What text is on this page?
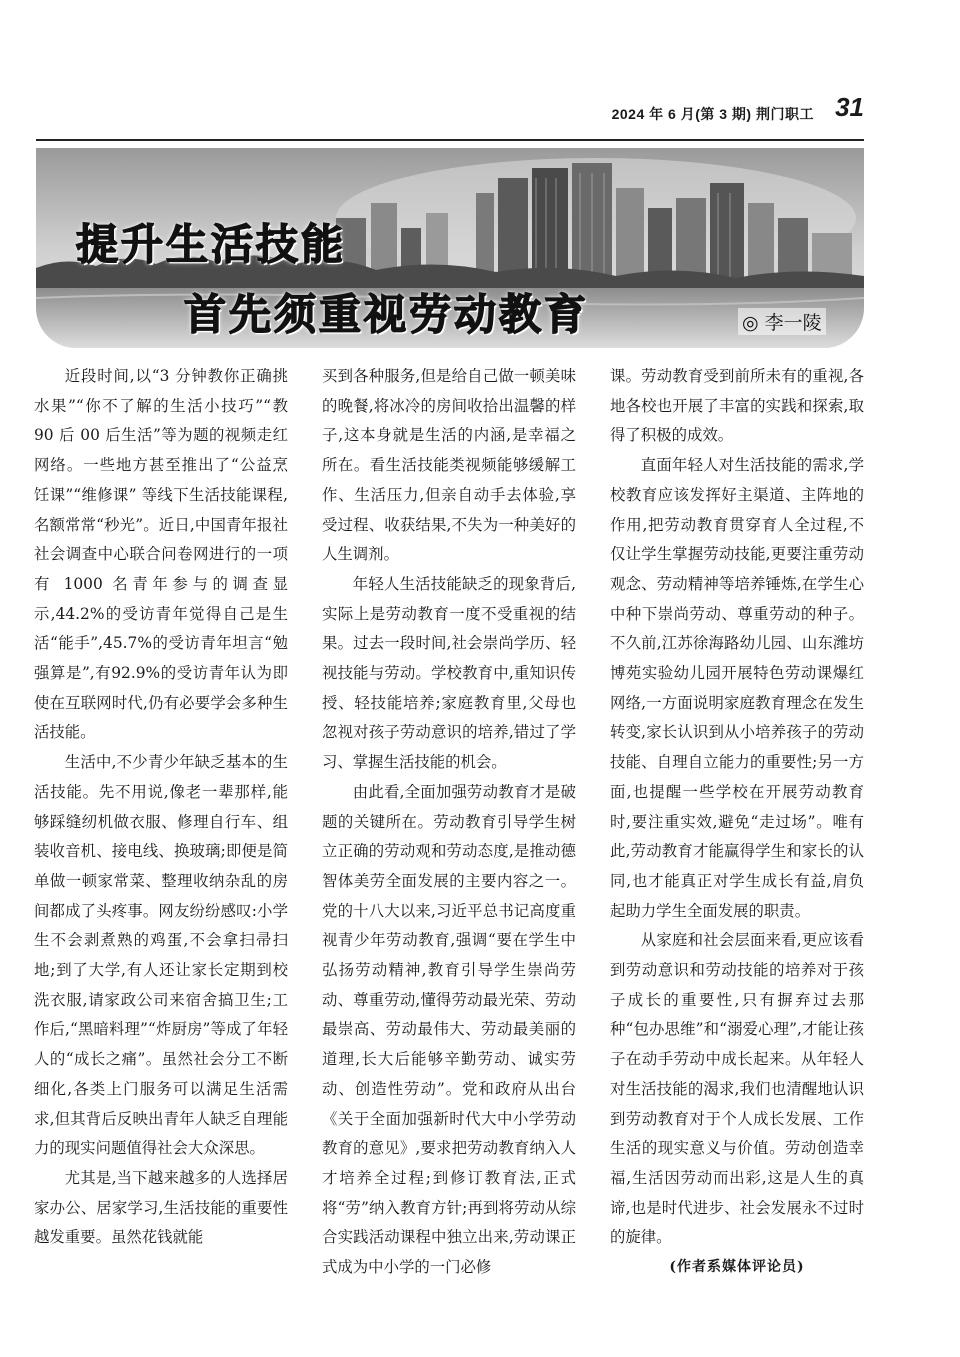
2024 年 6 月(第 3 期) 荆门职工 31
提升生活技能
首先须重视劳动教育	◎ 李一陵

近段时间,以“3 分钟教你正确挑水果”“你不了解的生活小技巧”“教 90 后 00 后生活”等为题的视频走红网络。一些地方甚至推出了“公益烹饪课”“维修课” 等线下生活技能课程,名额常常“秒光”。近日,中国青年报社社会调查中心联合问卷网进行的一项有 1000 名青年参与的调查显示,44.2%的受访青年觉得自己是生活“能手”,45.7%的受访青年坦言“勉强算是”,有92.9%的受访青年认为即使在互联网时代,仍有必要学会多种生活技能。

生活中,不少青少年缺乏基本的生活技能。先不用说,像老一辈那样,能够踩缝纫机做衣服、修理自行车、组装收音机、接电线、换玻璃;即便是简单做一顿家常菜、整理收纳杂乱的房间都成了头疼事。网友纷纷感叹:小学生不会剥煮熟的鸡蛋,不会拿扫帚扫地;到了大学,有人还让家长定期到校洗衣服,请家政公司来宿舍搞卫生;工作后,“黑暗料理”“炸厨房”等成了年轻人的“成长之痛”。虽然社会分工不断细化,各类上门服务可以满足生活需求,但其背后反映出青年人缺乏自理能力的现实问题值得社会大众深思。

尤其是,当下越来越多的人选择居家办公、居家学习,生活技能的重要性越发重要。虽然花钱就能

买到各种服务,但是给自己做一顿美味的晚餐,将冰冷的房间收拾出温馨的样子,这本身就是生活的内涵,是幸福之所在。看生活技能类视频能够缓解工作、生活压力,但亲自动手去体验,享受过程、收获结果,不失为一种美好的人生调剂。

年轻人生活技能缺乏的现象背后,实际上是劳动教育一度不受重视的结果。过去一段时间,社会崇尚学历、轻视技能与劳动。学校教育中,重知识传授、轻技能培养;家庭教育里,父母也忽视对孩子劳动意识的培养,错过了学习、掌握生活技能的机会。

由此看,全面加强劳动教育才是破题的关键所在。劳动教育引导学生树立正确的劳动观和劳动态度,是推动德智体美劳全面发展的主要内容之一。党的十八大以来,习近平总书记高度重视青少年劳动教育,强调“要在学生中弘扬劳动精神,教育引导学生崇尚劳动、尊重劳动,懂得劳动最光荣、劳动最崇高、劳动最伟大、劳动最美丽的道理,长大后能够辛勤劳动、诚实劳动、创造性劳动”。党和政府从出台《关于全面加强新时代大中小学劳动教育的意见》,要求把劳动教育纳入人才培养全过程;到修订教育法,正式将“劳”纳入教育方针;再到将劳动从综合实践活动课程中独立出来,劳动课正式成为中小学的一门必修

课。劳动教育受到前所未有的重视,各地各校也开展了丰富的实践和探索,取得了积极的成效。

直面年轻人对生活技能的需求,学校教育应该发挥好主渠道、主阵地的作用,把劳动教育贯穿育人全过程,不仅让学生掌握劳动技能,更要注重劳动观念、劳动精神等培养锤炼,在学生心中种下崇尚劳动、尊重劳动的种子。不久前,江苏徐海路幼儿园、山东潍坊博苑实验幼儿园开展特色劳动课爆红网络,一方面说明家庭教育理念在发生转变,家长认识到从小培养孩子的劳动技能、自理自立能力的重要性;另一方面,也提醒一些学校在开展劳动教育时,要注重实效,避免“走过场”。唯有此,劳动教育才能赢得学生和家长的认同,也才能真正对学生成长有益,肩负起助力学生全面发展的职责。

从家庭和社会层面来看,更应该看到劳动意识和劳动技能的培养对于孩子成长的重要性,只有摒弃过去那种“包办思维”和“溺爱心理”,才能让孩子在动手劳动中成长起来。从年轻人对生活技能的渴求,我们也清醒地认识到劳动教育对于个人成长发展、工作生活的现实意义与价值。劳动创造幸福,生活因劳动而出彩,这是人生的真谛,也是时代进步、社会发展永不过时的旋律。

(作者系媒体评论员)
